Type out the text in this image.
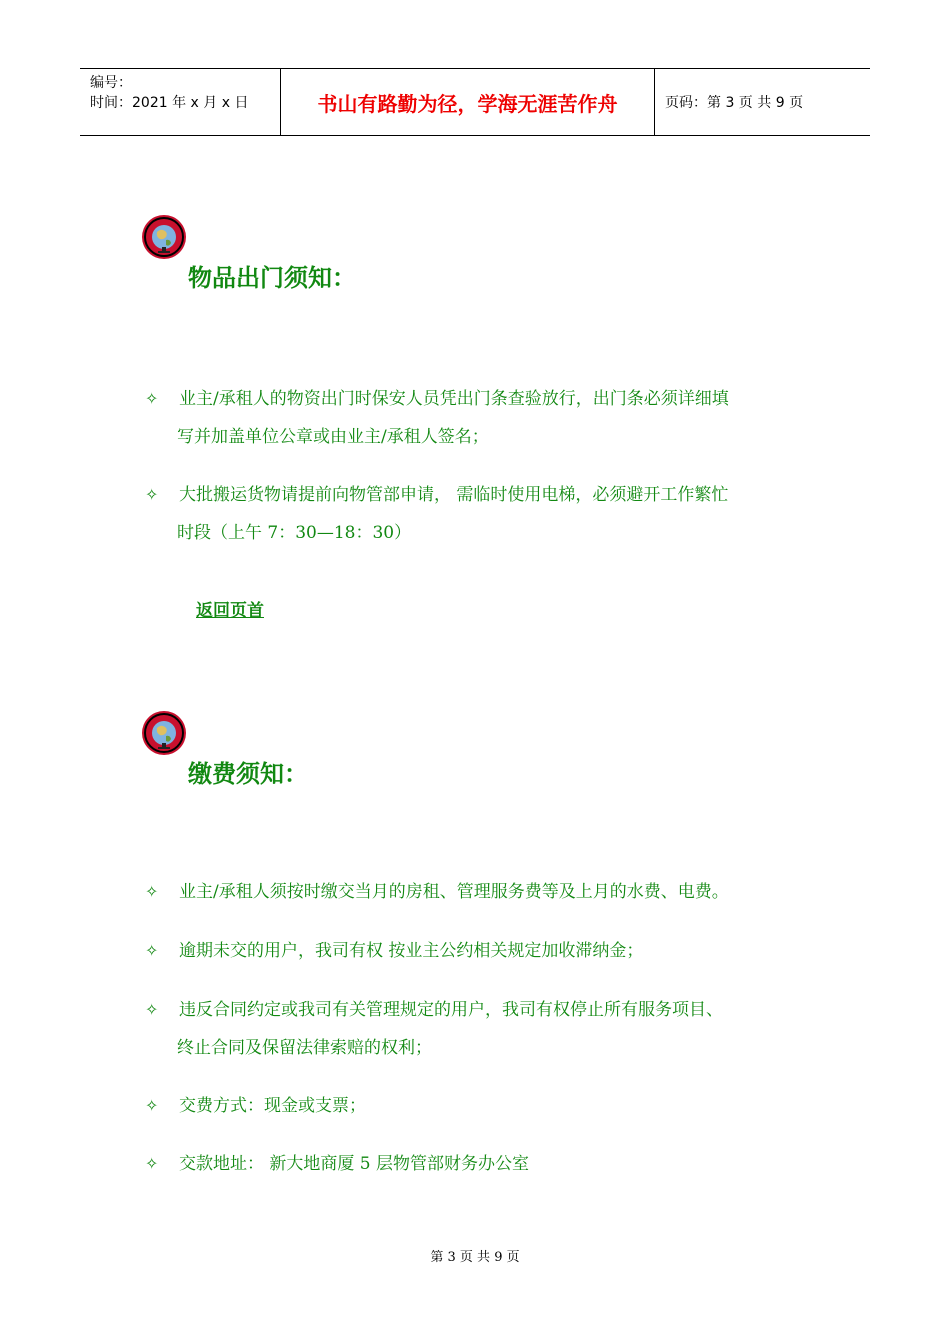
编号：
时间：2021 年 x 月 x 日	书山有路勤为径，学海无涯苦作舟	页码：第 3 页 共 9 页
物品出门须知：
✧	业主/承租人的物资出门时保安人员凭出门条查验放行，出门条必须详细填
写并加盖单位公章或由业主/承租人签名；
✧	大批搬运货物请提前向物管部申请， 需临时使用电梯，必须避开工作繁忙
时段（上午 7：30—18：30）
返回页首
缴费须知：
✧	业主/承租人须按时缴交当月的房租、管理服务费等及上月的水费、电费。
✧	逾期未交的用户，我司有权 按业主公约相关规定加收滞纳金；
✧	违反合同约定或我司有关管理规定的用户，我司有权停止所有服务项目、
终止合同及保留法律索赔的权利；
✧	交费方式：现金或支票；
✧	交款地址： 新大地商厦 5 层物管部财务办公室
第 3 页 共 9 页
